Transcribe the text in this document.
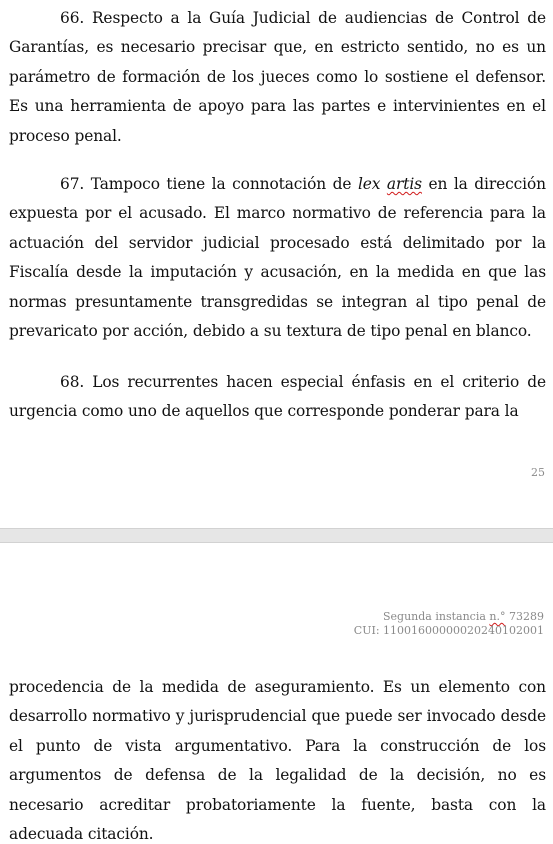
66. Respecto a la Guía Judicial de audiencias de Control de Garantías, es necesario precisar que, en estricto sentido, no es un parámetro de formación de los jueces como lo sostiene el defensor. Es una herramienta de apoyo para las partes e intervinientes en el proceso penal.

67. Tampoco tiene la connotación de lex artis en la dirección expuesta por el acusado. El marco normativo de referencia para la actuación del servidor judicial procesado está delimitado por la Fiscalía desde la imputación y acusación, en la medida en que las normas presuntamente transgredidas se integran al tipo penal de prevaricato por acción, debido a su textura de tipo penal en blanco.

68. Los recurrentes hacen especial énfasis en el criterio de urgencia como uno de aquellos que corresponde ponderar para la

25
Segunda instancia n.° 73289
CUI: 11001600000020240102001

procedencia de la medida de aseguramiento. Es un elemento con desarrollo normativo y jurisprudencial que puede ser invocado desde el punto de vista argumentativo. Para la construcción de los argumentos de defensa de la legalidad de la decisión, no es necesario acreditar probatoriamente la fuente, basta con la adecuada citación.
